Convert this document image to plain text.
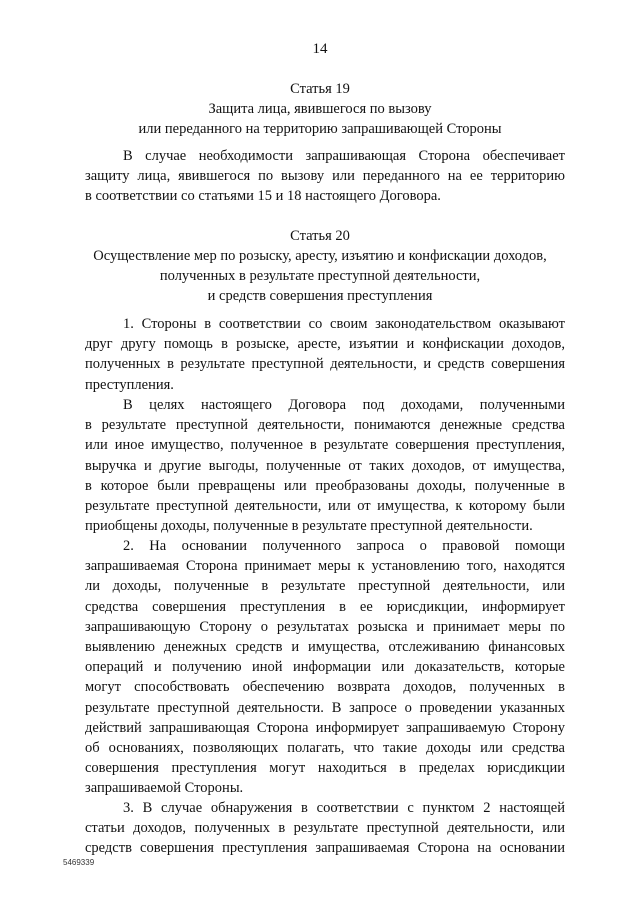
14
Статья 19
Защита лица, явившегося по вызову
или переданного на территорию запрашивающей Стороны
В случае необходимости запрашивающая Сторона обеспечивает
защиту лица, явившегося по вызову или переданного на ее территорию
в соответствии со статьями 15 и 18 настоящего Договора.
Статья 20
Осуществление мер по розыску, аресту, изъятию и конфискации доходов,
полученных в результате преступной деятельности,
и средств совершения преступления
1. Стороны в соответствии со своим законодательством оказывают
друг другу помощь в розыске, аресте, изъятии и конфискации доходов,
полученных в результате преступной деятельности, и средств совершения
преступления.
В целях настоящего Договора под доходами, полученными
в результате преступной деятельности, понимаются денежные средства
или иное имущество, полученное в результате совершения преступления,
выручка и другие выгоды, полученные от таких доходов, от имущества,
в которое были превращены или преобразованы доходы, полученные в
результате преступной деятельности, или от имущества, к которому были
приобщены доходы, полученные в результате преступной деятельности.
2. На основании полученного запроса о правовой помощи
запрашиваемая Сторона принимает меры к установлению того, находятся
ли доходы, полученные в результате преступной деятельности, или
средства совершения преступления в ее юрисдикции, информирует
запрашивающую Сторону о результатах розыска и принимает меры по
выявлению денежных средств и имущества, отслеживанию финансовых
операций и получению иной информации или доказательств, которые
могут способствовать обеспечению возврата доходов, полученных в
результате преступной деятельности. В запросе о проведении указанных
действий запрашивающая Сторона информирует запрашиваемую Сторону
об основаниях, позволяющих полагать, что такие доходы или средства
совершения преступления могут находиться в пределах юрисдикции
запрашиваемой Стороны.
3. В случае обнаружения в соответствии с пунктом 2 настоящей
статьи доходов, полученных в результате преступной деятельности, или
средств совершения преступления запрашиваемая Сторона на основании
5469339
